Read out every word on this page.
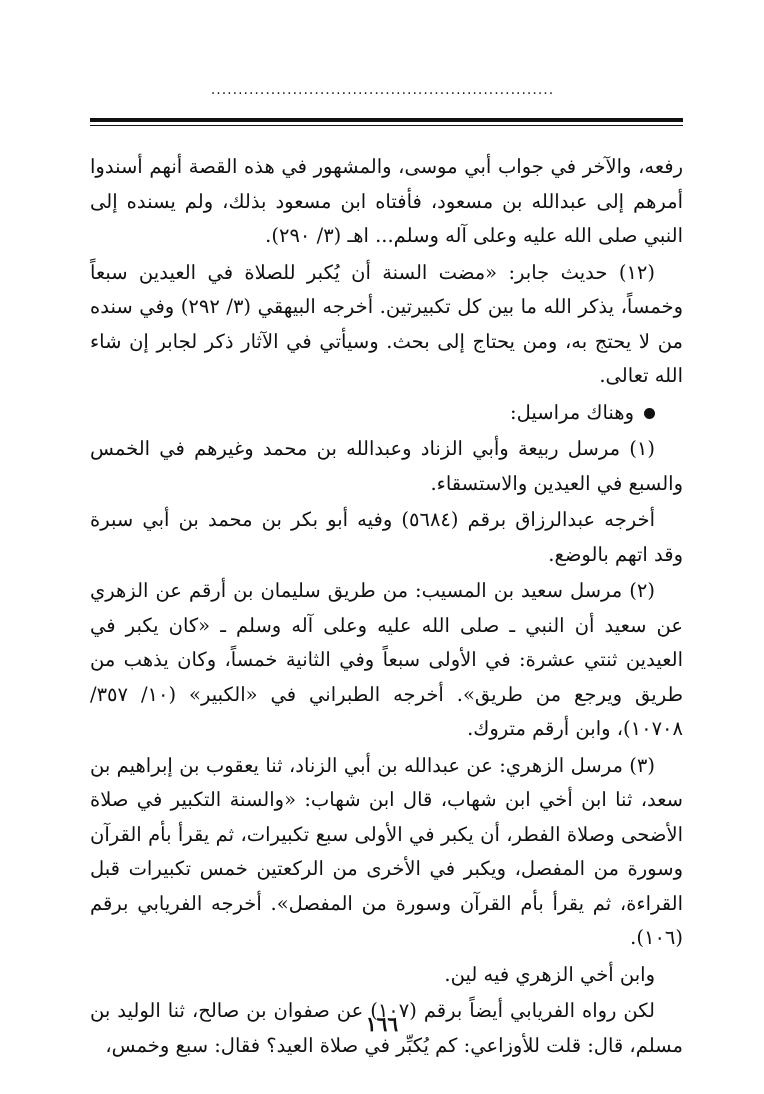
...............................................................

رفعه، والآخر في جواب أبي موسى، والمشهور في هذه القصة أنهم أسندوا أمرهم إلى عبدالله بن مسعود، فأفتاه ابن مسعود بذلك، ولم يسنده إلى النبي صلى الله عليه وعلى آله وسلم... اهـ (٣/ ٢٩٠).

(١٢) حديث جابر: «مضت السنة أن يُكبر للصلاة في العيدين سبعاً وخمساً، يذكر الله ما بين كل تكبيرتين. أخرجه البيهقي (٣/ ٢٩٢) وفي سنده من لا يحتج به، ومن يحتاج إلى بحث. وسيأتي في الآثار ذكر لجابر إن شاء الله تعالى.

وهناك مراسيل:

(١) مرسل ربيعة وأبي الزناد وعبدالله بن محمد وغيرهم في الخمس والسبع في العيدين والاستسقاء.

أخرجه عبدالرزاق برقم (٥٦٨٤) وفيه أبو بكر بن محمد بن أبي سبرة وقد اتهم بالوضع.

(٢) مرسل سعيد بن المسيب: من طريق سليمان بن أرقم عن الزهري عن سعيد أن النبي ـ صلى الله عليه وعلى آله وسلم ـ «كان يكبر في العيدين ثنتي عشرة: في الأولى سبعاً وفي الثانية خمساً، وكان يذهب من طريق ويرجع من طريق». أخرجه الطبراني في «الكبير» (١٠/ ٣٥٧/ ١٠٧٠٨)، وابن أرقم متروك.

(٣) مرسل الزهري: عن عبدالله بن أبي الزناد، ثنا يعقوب بن إبراهيم بن سعد، ثنا ابن أخي ابن شهاب، قال ابن شهاب: «والسنة التكبير في صلاة الأضحى وصلاة الفطر، أن يكبر في الأولى سبع تكبيرات، ثم يقرأ بأم القرآن وسورة من المفصل، ويكبر في الأخرى من الركعتين خمس تكبيرات قبل القراءة، ثم يقرأ بأم القرآن وسورة من المفصل». أخرجه الفريابي برقم (١٠٦).

وابن أخي الزهري فيه لين.

لكن رواه الفريابي أيضاً برقم (١٠٧) عن صفوان بن صالح، ثنا الوليد بن مسلم، قال: قلت للأوزاعي: كم يُكبِّر في صلاة العيد؟ فقال: سبع وخمس،

١٦٦
